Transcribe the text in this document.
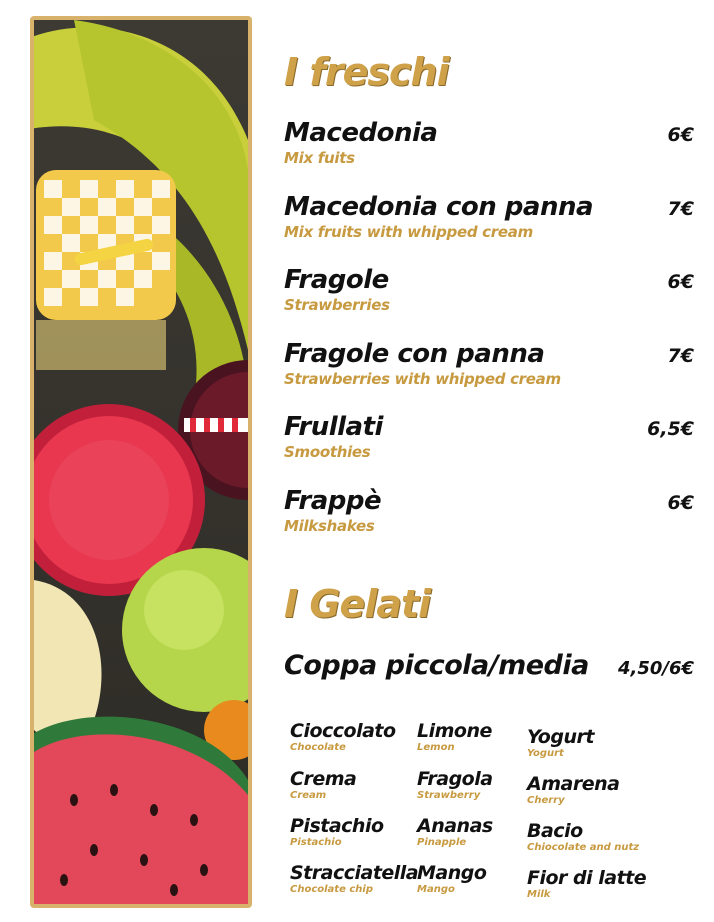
I freschi
Macedonia	6€
Mix fuits
Macedonia con panna	7€
Mix fruits with whipped cream
Fragole	6€
Strawberries
Fragole con panna	7€
Strawberries with whipped cream
Frullati	6,5€
Smoothies
Frappè	6€
Milkshakes
I Gelati
Coppa piccola/media 4,50/6€
Cioccolato
Chocolate
Limone
Lemon	Yogurt
Yogurt
Crema
Cream
Fragola
Strawberry
Amarena
Cherry
Pistachio
Pistachio
Ananas
Pinapple
Bacio
Chiocolate and nutz
Stracciatella
Chocolate chip
Mango
Mango
Fior di latte
Milk
